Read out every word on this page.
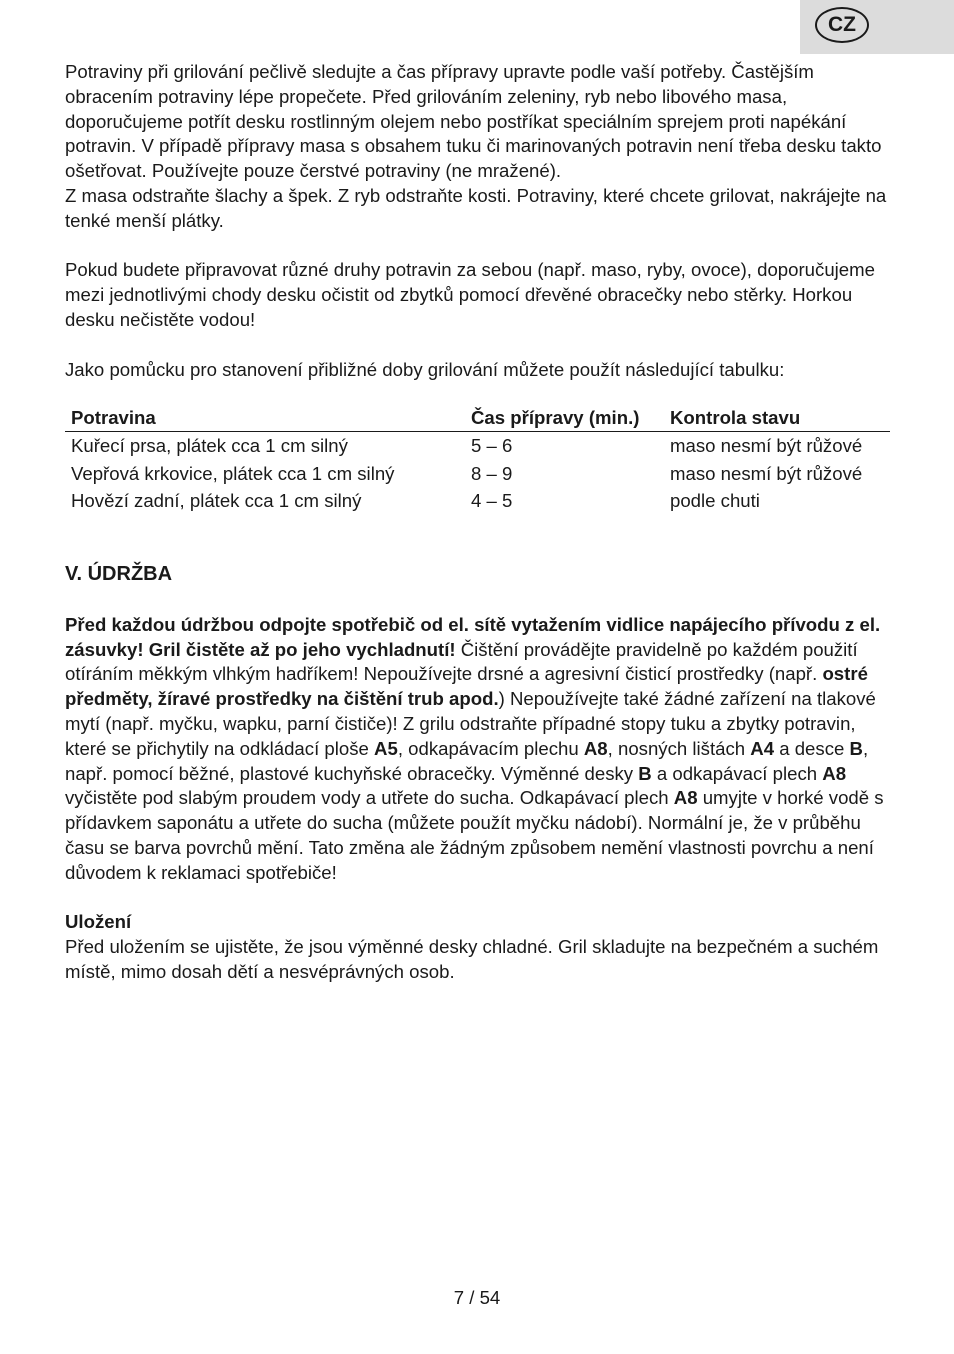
CZ

Potraviny při grilování pečlivě sledujte a čas přípravy upravte podle vaší potřeby. Častějším obracením potraviny lépe propečete. Před grilováním zeleniny, ryb nebo libového masa, doporučujeme potřít desku rostlinným olejem nebo postříkat speciálním sprejem proti napékání potravin. V případě přípravy masa s obsahem tuku či marinovaných potravin není třeba desku takto ošetřovat. Používejte pouze čerstvé potraviny (ne mražené).

Z masa odstraňte šlachy a špek. Z ryb odstraňte kosti. Potraviny, které chcete grilovat, nakrájejte na tenké menší plátky.

Pokud budete připravovat různé druhy potravin za sebou (např. maso, ryby, ovoce), doporučujeme mezi jednotlivými chody desku očistit od zbytků pomocí dřevěné obracečky nebo stěrky. Horkou desku nečistěte vodou!

Jako pomůcku pro stanovení přibližné doby grilování můžete použít následující tabulku:

Potravina	Čas přípravy (min.)	Kontrola stavu
Kuřecí prsa, plátek cca 1 cm silný	5 – 6	maso nesmí být růžové
Vepřová krkovice, plátek cca 1 cm silný	8 – 9	maso nesmí být růžové
Hovězí zadní, plátek cca 1 cm silný	4 – 5	podle chuti
V. ÚDRŽBA

Před každou údržbou odpojte spotřebič od el. sítě vytažením vidlice napájecího přívodu z el. zásuvky! Gril čistěte až po jeho vychladnutí! Čištění provádějte pravidelně po každém použití otíráním měkkým vlhkým hadříkem! Nepoužívejte drsné a agresivní čisticí prostředky (např. ostré předměty, žíravé prostředky na čištění trub apod.) Nepoužívejte také žádné zařízení na tlakové mytí (např. myčku, wapku, parní čističe)! Z grilu odstraňte případné stopy tuku a zbytky potravin, které se přichytily na odkládací ploše A5, odkapávacím plechu A8, nosných lištách A4 a desce B, např. pomocí běžné, plastové kuchyňské obracečky. Výměnné desky B a odkapávací plech A8 vyčistěte pod slabým proudem vody a utřete do sucha. Odkapávací plech A8 umyjte v horké vodě s přídavkem saponátu a utřete do sucha (můžete použít myčku nádobí). Normální je, že v průběhu času se barva povrchů mění. Tato změna ale žádným způsobem nemění vlastnosti povrchu a není důvodem k reklamaci spotřebiče!

Uložení

Před uložením se ujistěte, že jsou výměnné desky chladné. Gril skladujte na bezpečném a suchém místě, mimo dosah dětí a nesvéprávných osob.

7 / 54
